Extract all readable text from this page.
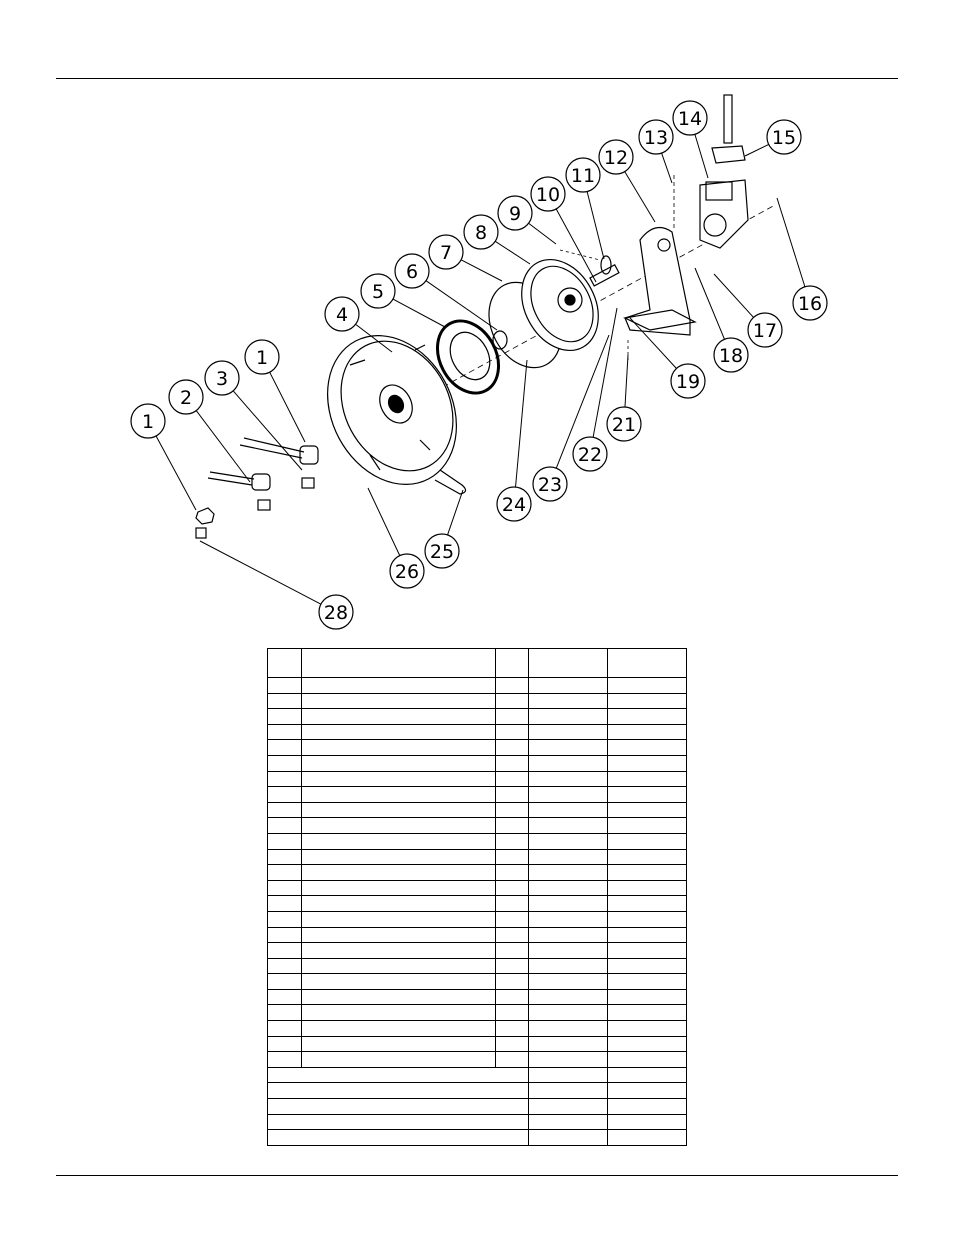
1
2
3
1
4
5
6
7
8
9
10
11
12
13
14
15
16
17
18
19
21
22
23
24
25
26
28
